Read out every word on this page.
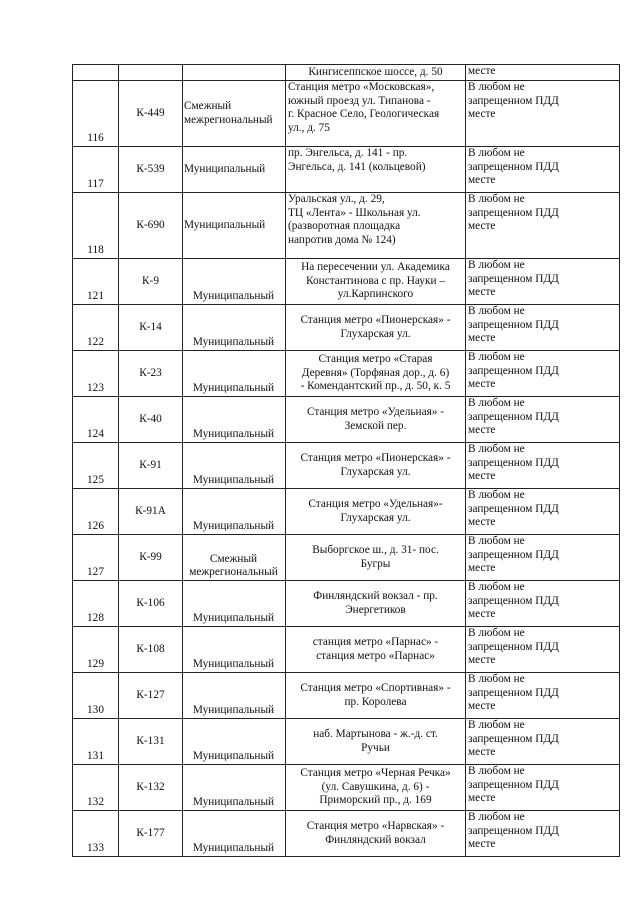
			Кингисеппское шоссе, д. 50	месте
116	К-449	Смежный межрегиональный	Станция метро «Московская»,
южный проезд ул. Типанова -
г. Красное Село, Геологическая
ул., д. 75	В любом не
запрещенном ПДД
месте

117	К-539	Муниципальный	пр. Энгельса, д. 141 - пр.
Энгельса, д. 141 (кольцевой)	В любом не
запрещенном ПДД
месте

118	К-690	Муниципальный	Уральская ул., д. 29,
ТЦ «Лента» - Школьная ул.
(разворотная площадка
напротив дома № 124)	В любом не
запрещенном ПДД
месте

121	К-9	Муниципальный	На пересечении ул. Академика
Константинова с пр. Науки –
ул.Карпинского	В любом не
запрещенном ПДД
месте

122	К-14	Муниципальный	Станция метро «Пионерская» -
Глухарская ул.	В любом не
запрещенном ПДД
месте

123	К-23	Муниципальный	Станция метро «Старая
Деревня» (Торфяная дор., д. 6)
- Комендантский пр., д. 50, к. 5	В любом не
запрещенном ПДД
месте

124	К-40	Муниципальный	Станция метро «Удельная» -
Земской пер.	В любом не
запрещенном ПДД
месте

125	К-91	Муниципальный	Станция метро «Пионерская» -
Глухарская ул.	В любом не
запрещенном ПДД
месте

126	К-91А	Муниципальный	Станция метро «Удельная»-
Глухарская ул.	В любом не
запрещенном ПДД
месте

127	К-99	Смежный межрегиональный	Выборгское ш., д. 31- пос.
Бугры	В любом не
запрещенном ПДД
месте

128	К-106	Муниципальный	Финляндский вокзал - пр.
Энергетиков	В любом не
запрещенном ПДД
месте

129	К-108	Муниципальный	станция метро «Парнас» -
станция метро «Парнас»	В любом не
запрещенном ПДД
месте

130	К-127	Муниципальный	Станция метро «Спортивная» -
пр. Королева	В любом не
запрещенном ПДД
месте

131	К-131	Муниципальный	наб. Мартынова - ж.-д. ст.
Ручьи	В любом не
запрещенном ПДД
месте

132	К-132	Муниципальный	Станция метро «Черная Речка»
(ул. Савушкина, д. 6) -
Приморский пр., д. 169	В любом не
запрещенном ПДД
месте

133	К-177	Муниципальный	Станция метро «Нарвская» -
Финляндский вокзал	В любом не
запрещенном ПДД
месте
